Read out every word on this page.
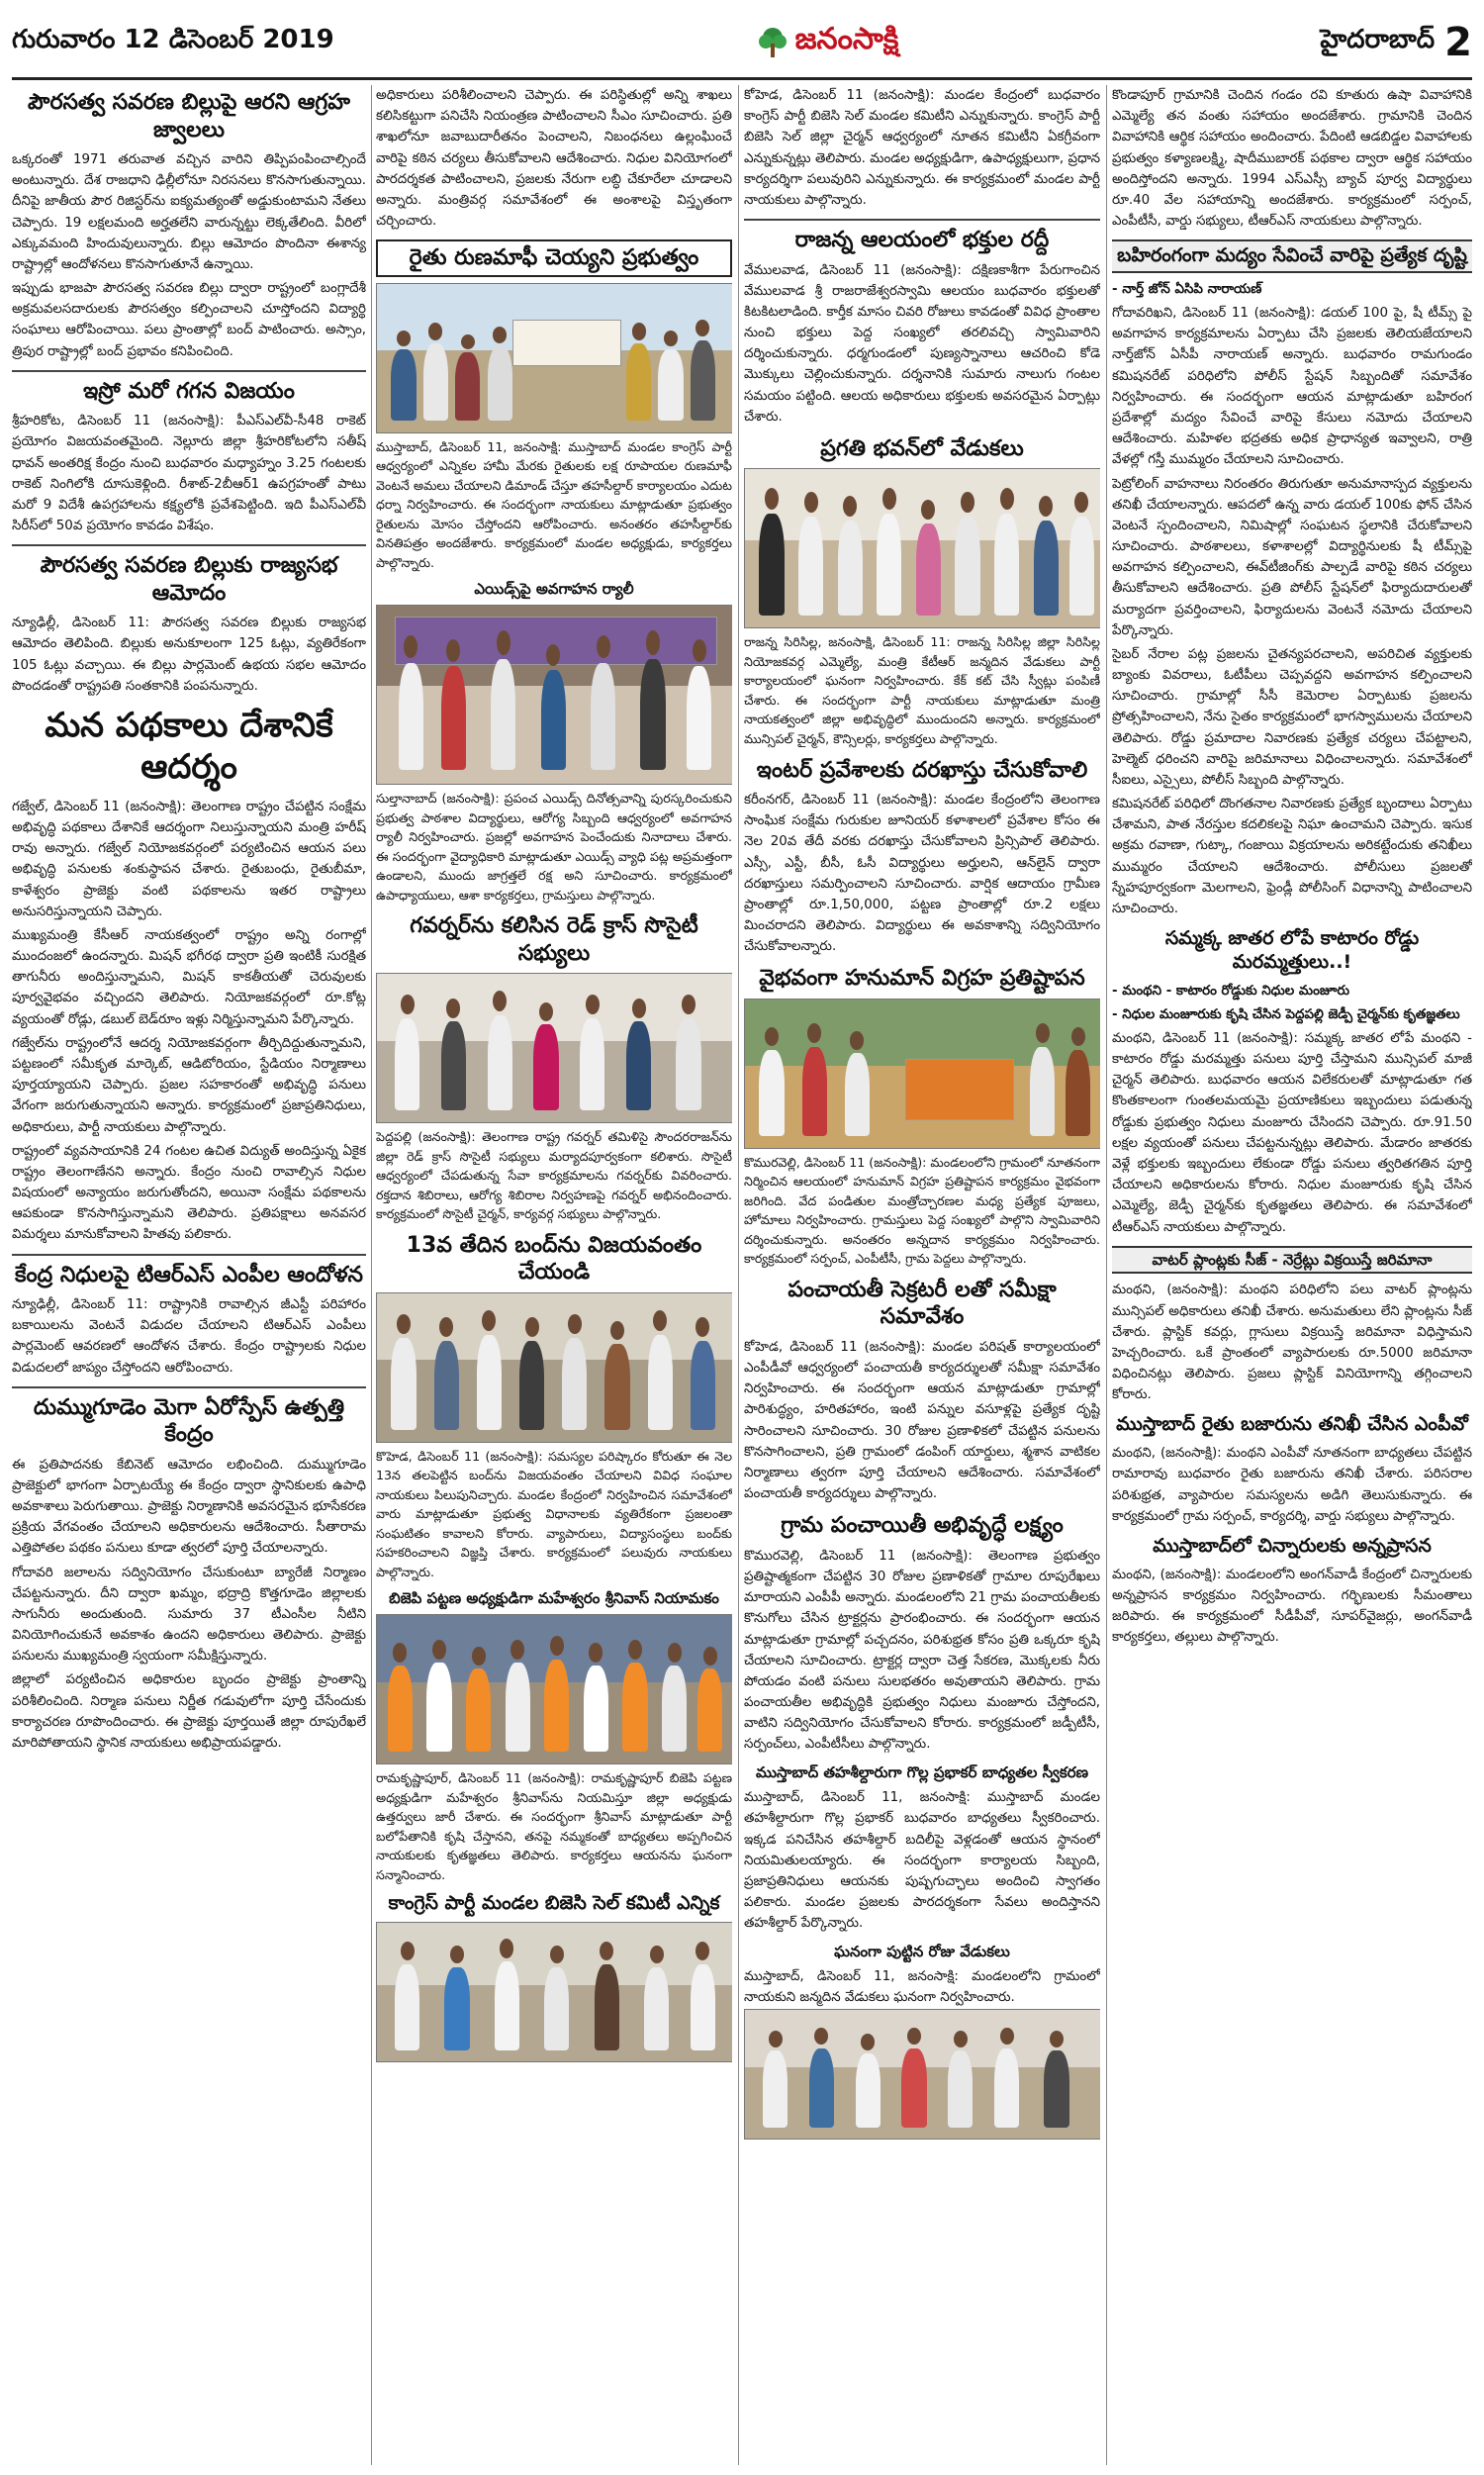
గురువారం 12 డిసెంబర్ 2019	జనంసాక్షి	హైదరాబాద్ 2
పౌరసత్వ సవరణ బిల్లుపై ఆరని ఆగ్రహ జ్వాలలు

ఒక్కరంతో 1971 తరువాత వచ్చిన వారిని తిప్పిపంపించాల్సిందే అంటున్నారు. దేశ రాజధాని ఢిల్లీలోనూ నిరసనలు కొనసాగుతున్నాయి. దీనిపై జాతీయ పౌర రిజిస్టర్‌ను ఐక్యమత్యంతో అడ్డుకుంటామని నేతలు చెప్పారు. 19 లక్షలమంది అర్హతలేని వారున్నట్టు లెక్కతేలింది. వీరిలో ఎక్కువమంది హిందువులున్నారు. బిల్లు ఆమోదం పొందినా ఈశాన్య రాష్ట్రాల్లో ఆందోళనలు కొనసాగుతూనే ఉన్నాయి.

ఇప్పుడు భాజపా పౌరసత్వ సవరణ బిల్లు ద్వారా రాష్ట్రంలో బంగ్లాదేశీ అక్రమవలసదారులకు పౌరసత్వం కల్పించాలని చూస్తోందని విద్యార్థి సంఘాలు ఆరోపించాయి. పలు ప్రాంతాల్లో బంద్ పాటించారు. అస్సాం, త్రిపుర రాష్ట్రాల్లో బంద్ ప్రభావం కనిపించింది.

ఇస్రో మరో గగన విజయం

శ్రీహరికోట, డిసెంబర్ 11 (జనంసాక్షి): పీఎస్‌ఎల్‌వీ-సీ48 రాకెట్ ప్రయోగం విజయవంతమైంది. నెల్లూరు జిల్లా శ్రీహరికోటలోని సతీష్ ధావన్ అంతరిక్ష కేంద్రం నుంచి బుధవారం మధ్యాహ్నం 3.25 గంటలకు రాకెట్ నింగిలోకి దూసుకెళ్లింది. రీశాట్-2బీఆర్1 ఉపగ్రహంతో పాటు మరో 9 విదేశీ ఉపగ్రహాలను కక్ష్యలోకి ప్రవేశపెట్టింది. ఇది పీఎస్‌ఎల్‌వీ సిరీస్‌లో 50వ ప్రయోగం కావడం విశేషం.

పౌరసత్వ సవరణ బిల్లుకు రాజ్యసభ ఆమోదం

న్యూఢిల్లీ, డిసెంబర్ 11: పౌరసత్వ సవరణ బిల్లుకు రాజ్యసభ ఆమోదం తెలిపింది. బిల్లుకు అనుకూలంగా 125 ఓట్లు, వ్యతిరేకంగా 105 ఓట్లు వచ్చాయి. ఈ బిల్లు పార్లమెంట్ ఉభయ సభల ఆమోదం పొందడంతో రాష్ట్రపతి సంతకానికి పంపనున్నారు.

మన పథకాలు దేశానికే ఆదర్శం

గజ్వేల్, డిసెంబర్ 11 (జనంసాక్షి): తెలంగాణ రాష్ట్రం చేపట్టిన సంక్షేమ అభివృద్ధి పథకాలు దేశానికే ఆదర్శంగా నిలుస్తున్నాయని మంత్రి హరీష్ రావు అన్నారు. గజ్వేల్ నియోజకవర్గంలో పర్యటించిన ఆయన పలు అభివృద్ధి పనులకు శంకుస్థాపన చేశారు. రైతుబంధు, రైతుబీమా, కాళేశ్వరం ప్రాజెక్టు వంటి పథకాలను ఇతర రాష్ట్రాలు అనుసరిస్తున్నాయని చెప్పారు.

ముఖ్యమంత్రి కేసీఆర్ నాయకత్వంలో రాష్ట్రం అన్ని రంగాల్లో ముందంజలో ఉందన్నారు. మిషన్ భగీరథ ద్వారా ప్రతి ఇంటికీ సురక్షిత తాగునీరు అందిస్తున్నామని, మిషన్ కాకతీయతో చెరువులకు పూర్వవైభవం వచ్చిందని తెలిపారు. నియోజకవర్గంలో రూ.కోట్ల వ్యయంతో రోడ్లు, డబుల్ బెడ్‌రూం ఇళ్లు నిర్మిస్తున్నామని పేర్కొన్నారు.

గజ్వేల్‌ను రాష్ట్రంలోనే ఆదర్శ నియోజకవర్గంగా తీర్చిదిద్దుతున్నామని, పట్టణంలో సమీకృత మార్కెట్, ఆడిటోరియం, స్టేడియం నిర్మాణాలు పూర్తయ్యాయని చెప్పారు. ప్రజల సహకారంతో అభివృద్ధి పనులు వేగంగా జరుగుతున్నాయని అన్నారు. కార్యక్రమంలో ప్రజాప్రతినిధులు, అధికారులు, పార్టీ నాయకులు పాల్గొన్నారు.

రాష్ట్రంలో వ్యవసాయానికి 24 గంటల ఉచిత విద్యుత్ అందిస్తున్న ఏకైక రాష్ట్రం తెలంగాణేనని అన్నారు. కేంద్రం నుంచి రావాల్సిన నిధుల విషయంలో అన్యాయం జరుగుతోందని, అయినా సంక్షేమ పథకాలను ఆపకుండా కొనసాగిస్తున్నామని తెలిపారు. ప్రతిపక్షాలు అనవసర విమర్శలు మానుకోవాలని హితవు పలికారు.

కేంద్ర నిధులపై టిఆర్ఎస్ ఎంపీల ఆందోళన

న్యూఢిల్లీ, డిసెంబర్ 11: రాష్ట్రానికి రావాల్సిన జీఎస్టీ పరిహారం బకాయిలను వెంటనే విడుదల చేయాలని టిఆర్ఎస్ ఎంపీలు పార్లమెంట్ ఆవరణలో ఆందోళన చేశారు. కేంద్రం రాష్ట్రాలకు నిధుల విడుదలలో జాప్యం చేస్తోందని ఆరోపించారు.

దుమ్ముగూడెం మెగా ఏరోస్పేస్ ఉత్పత్తి కేంద్రం

ఈ ప్రతిపాదనకు కేబినెట్ ఆమోదం లభించింది. దుమ్ముగూడెం ప్రాజెక్టులో భాగంగా ఏర్పాటయ్యే ఈ కేంద్రం ద్వారా స్థానికులకు ఉపాధి అవకాశాలు పెరుగుతాయి. ప్రాజెక్టు నిర్మాణానికి అవసరమైన భూసేకరణ ప్రక్రియ వేగవంతం చేయాలని అధికారులను ఆదేశించారు. సీతారామ ఎత్తిపోతల పథకం పనులు కూడా త్వరలో పూర్తి చేయాలన్నారు.

గోదావరి జలాలను సద్వినియోగం చేసుకుంటూ బ్యారేజీ నిర్మాణం చేపట్టనున్నారు. దీని ద్వారా ఖమ్మం, భద్రాద్రి కొత్తగూడెం జిల్లాలకు సాగునీరు అందుతుంది. సుమారు 37 టీఎంసీల నీటిని వినియోగించుకునే అవకాశం ఉందని అధికారులు తెలిపారు. ప్రాజెక్టు పనులను ముఖ్యమంత్రి స్వయంగా సమీక్షిస్తున్నారు.

జిల్లాలో పర్యటించిన అధికారుల బృందం ప్రాజెక్టు ప్రాంతాన్ని పరిశీలించింది. నిర్మాణ పనులు నిర్ణీత గడువులోగా పూర్తి చేసేందుకు కార్యాచరణ రూపొందించారు. ఈ ప్రాజెక్టు పూర్తయితే జిల్లా రూపురేఖలే మారిపోతాయని స్థానిక నాయకులు అభిప్రాయపడ్డారు.

అధికారులు పరిశీలించాలని చెప్పారు. ఈ పరిస్థితుల్లో అన్ని శాఖలు కలిసికట్టుగా పనిచేసి నియంత్రణ పాటించాలని సీఎం సూచించారు. ప్రతి శాఖలోనూ జవాబుదారీతనం పెంచాలని, నిబంధనలు ఉల్లంఘించే వారిపై కఠిన చర్యలు తీసుకోవాలని ఆదేశించారు. నిధుల వినియోగంలో పారదర్శకత పాటించాలని, ప్రజలకు నేరుగా లబ్ధి చేకూరేలా చూడాలని అన్నారు. మంత్రివర్గ సమావేశంలో ఈ అంశాలపై విస్తృతంగా చర్చించారు.

రైతు రుణమాఫీ చెయ్యని ప్రభుత్వం

ముస్తాబాద్, డిసెంబర్ 11, జనంసాక్షి: ముస్తాబాద్ మండల కాంగ్రెస్ పార్టీ ఆధ్వర్యంలో ఎన్నికల హామీ మేరకు రైతులకు లక్ష రూపాయల రుణమాఫీ వెంటనే అమలు చేయాలని డిమాండ్ చేస్తూ తహసీల్దార్ కార్యాలయం ఎదుట ధర్నా నిర్వహించారు. ఈ సందర్భంగా నాయకులు మాట్లాడుతూ ప్రభుత్వం రైతులను మోసం చేస్తోందని ఆరోపించారు. అనంతరం తహసీల్దార్‌కు వినతిపత్రం అందజేశారు. కార్యక్రమంలో మండల అధ్యక్షుడు, కార్యకర్తలు పాల్గొన్నారు.

ఎయిడ్స్‌పై అవగాహన ర్యాలీ

సుల్తానాబాద్ (జనంసాక్షి): ప్రపంచ ఎయిడ్స్ దినోత్సవాన్ని పురస్కరించుకుని ప్రభుత్వ పాఠశాల విద్యార్థులు, ఆరోగ్య సిబ్బంది ఆధ్వర్యంలో అవగాహన ర్యాలీ నిర్వహించారు. ప్రజల్లో అవగాహన పెంచేందుకు నినాదాలు చేశారు. ఈ సందర్భంగా వైద్యాధికారి మాట్లాడుతూ ఎయిడ్స్ వ్యాధి పట్ల అప్రమత్తంగా ఉండాలని, ముందు జాగ్రత్తలే రక్ష అని సూచించారు. కార్యక్రమంలో ఉపాధ్యాయులు, ఆశా కార్యకర్తలు, గ్రామస్తులు పాల్గొన్నారు.

గవర్నర్‌ను కలిసిన రెడ్ క్రాస్ సొసైటీ సభ్యులు

పెద్దపల్లి (జనంసాక్షి): తెలంగాణ రాష్ట్ర గవర్నర్ తమిళిసై సౌందరరాజన్‌ను జిల్లా రెడ్ క్రాస్ సొసైటీ సభ్యులు మర్యాదపూర్వకంగా కలిశారు. సొసైటీ ఆధ్వర్యంలో చేపడుతున్న సేవా కార్యక్రమాలను గవర్నర్‌కు వివరించారు. రక్తదాన శిబిరాలు, ఆరోగ్య శిబిరాల నిర్వహణపై గవర్నర్ అభినందించారు. కార్యక్రమంలో సొసైటీ చైర్మన్, కార్యవర్గ సభ్యులు పాల్గొన్నారు.

13వ తేదిన బంద్‌ను విజయవంతం చేయండి

కొహెడ, డిసెంబర్ 11 (జనంసాక్షి): సమస్యల పరిష్కారం కోరుతూ ఈ నెల 13న తలపెట్టిన బంద్‌ను విజయవంతం చేయాలని వివిధ సంఘాల నాయకులు పిలుపునిచ్చారు. మండల కేంద్రంలో నిర్వహించిన సమావేశంలో వారు మాట్లాడుతూ ప్రభుత్వ విధానాలకు వ్యతిరేకంగా ప్రజలంతా సంఘటితం కావాలని కోరారు. వ్యాపారులు, విద్యాసంస్థలు బంద్‌కు సహకరించాలని విజ్ఞప్తి చేశారు. కార్యక్రమంలో పలువురు నాయకులు పాల్గొన్నారు.

బిజెపి పట్టణ అధ్యక్షుడిగా మహేశ్వరం శ్రీనివాస్ నియామకం

రామకృష్ణాపూర్, డిసెంబర్ 11 (జనంసాక్షి): రామకృష్ణాపూర్ బిజెపి పట్టణ అధ్యక్షుడిగా మహేశ్వరం శ్రీనివాస్‌ను నియమిస్తూ జిల్లా అధ్యక్షుడు ఉత్తర్వులు జారీ చేశారు. ఈ సందర్భంగా శ్రీనివాస్ మాట్లాడుతూ పార్టీ బలోపేతానికి కృషి చేస్తానని, తనపై నమ్మకంతో బాధ్యతలు అప్పగించిన నాయకులకు కృతజ్ఞతలు తెలిపారు. కార్యకర్తలు ఆయనను ఘనంగా సన్మానించారు.

కాంగ్రెస్ పార్టీ మండల బిజెసి సెల్ కమిటీ ఎన్నిక

కోహెడ, డిసెంబర్ 11 (జనంసాక్షి): మండల కేంద్రంలో బుధవారం కాంగ్రెస్ పార్టీ బిజెసి సెల్ మండల కమిటీని ఎన్నుకున్నారు. కాంగ్రెస్ పార్టీ బిజెసి సెల్ జిల్లా చైర్మన్ ఆధ్వర్యంలో నూతన కమిటీని ఏకగ్రీవంగా ఎన్నుకున్నట్లు తెలిపారు. మండల అధ్యక్షుడిగా, ఉపాధ్యక్షులుగా, ప్రధాన కార్యదర్శిగా పలువురిని ఎన్నుకున్నారు. ఈ కార్యక్రమంలో మండల పార్టీ నాయకులు పాల్గొన్నారు.

రాజన్న ఆలయంలో భక్తుల రద్దీ

వేములవాడ, డిసెంబర్ 11 (జనంసాక్షి): దక్షిణకాశీగా పేరుగాంచిన వేములవాడ శ్రీ రాజరాజేశ్వరస్వామి ఆలయం బుధవారం భక్తులతో కిటకిటలాడింది. కార్తీక మాసం చివరి రోజులు కావడంతో వివిధ ప్రాంతాల నుంచి భక్తులు పెద్ద సంఖ్యలో తరలివచ్చి స్వామివారిని దర్శించుకున్నారు. ధర్మగుండంలో పుణ్యస్నానాలు ఆచరించి కోడె మొక్కులు చెల్లించుకున్నారు. దర్శనానికి సుమారు నాలుగు గంటల సమయం పట్టింది. ఆలయ అధికారులు భక్తులకు అవసరమైన ఏర్పాట్లు చేశారు.

ప్రగతి భవన్‌లో వేడుకలు

రాజన్న సిరిసిల్ల, జనంసాక్షి, డిసెంబర్ 11: రాజన్న సిరిసిల్ల జిల్లా సిరిసిల్ల నియోజకవర్గ ఎమ్మెల్యే, మంత్రి కేటీఆర్ జన్మదిన వేడుకలు పార్టీ కార్యాలయంలో ఘనంగా నిర్వహించారు. కేక్ కట్ చేసి స్వీట్లు పంపిణీ చేశారు. ఈ సందర్భంగా పార్టీ నాయకులు మాట్లాడుతూ మంత్రి నాయకత్వంలో జిల్లా అభివృద్ధిలో ముందుందని అన్నారు. కార్యక్రమంలో మున్సిపల్ చైర్మన్, కౌన్సిలర్లు, కార్యకర్తలు పాల్గొన్నారు.

ఇంటర్ ప్రవేశాలకు దరఖాస్తు చేసుకోవాలి

కరీంనగర్, డిసెంబర్ 11 (జనంసాక్షి): మండల కేంద్రంలోని తెలంగాణ సాంఘిక సంక్షేమ గురుకుల జూనియర్ కళాశాలలో ప్రవేశాల కోసం ఈ నెల 20వ తేదీ వరకు దరఖాస్తు చేసుకోవాలని ప్రిన్సిపాల్ తెలిపారు. ఎస్సీ, ఎస్టీ, బీసీ, ఓసీ విద్యార్థులు అర్హులని, ఆన్‌లైన్ ద్వారా దరఖాస్తులు సమర్పించాలని సూచించారు. వార్షిక ఆదాయం గ్రామీణ ప్రాంతాల్లో రూ.1,50,000, పట్టణ ప్రాంతాల్లో రూ.2 లక్షలు మించరాదని తెలిపారు. విద్యార్థులు ఈ అవకాశాన్ని సద్వినియోగం చేసుకోవాలన్నారు.

వైభవంగా హనుమాన్ విగ్రహ ప్రతిష్టాపన

కొమురవెల్లి, డిసెంబర్ 11 (జనంసాక్షి): మండలంలోని గ్రామంలో నూతనంగా నిర్మించిన ఆలయంలో హనుమాన్ విగ్రహ ప్రతిష్టాపన కార్యక్రమం వైభవంగా జరిగింది. వేద పండితుల మంత్రోచ్చారణల మధ్య ప్రత్యేక పూజలు, హోమాలు నిర్వహించారు. గ్రామస్తులు పెద్ద సంఖ్యలో పాల్గొని స్వామివారిని దర్శించుకున్నారు. అనంతరం అన్నదాన కార్యక్రమం నిర్వహించారు. కార్యక్రమంలో సర్పంచ్, ఎంపీటీసీ, గ్రామ పెద్దలు పాల్గొన్నారు.

పంచాయతీ సెక్రటరీ లతో సమీక్షా సమావేశం

కోహెడ, డిసెంబర్ 11 (జనంసాక్షి): మండల పరిషత్ కార్యాలయంలో ఎంపీడీవో ఆధ్వర్యంలో పంచాయతీ కార్యదర్శులతో సమీక్షా సమావేశం నిర్వహించారు. ఈ సందర్భంగా ఆయన మాట్లాడుతూ గ్రామాల్లో పారిశుద్ధ్యం, హరితహారం, ఇంటి పన్నుల వసూళ్లపై ప్రత్యేక దృష్టి సారించాలని సూచించారు. 30 రోజుల ప్రణాళికలో చేపట్టిన పనులను కొనసాగించాలని, ప్రతి గ్రామంలో డంపింగ్ యార్డులు, శ్మశాన వాటికల నిర్మాణాలు త్వరగా పూర్తి చేయాలని ఆదేశించారు. సమావేశంలో పంచాయతీ కార్యదర్శులు పాల్గొన్నారు.

గ్రామ పంచాయితీ అభివృద్ధే లక్ష్యం

కొమురవెల్లి, డిసెంబర్ 11 (జనంసాక్షి): తెలంగాణ ప్రభుత్వం ప్రతిష్టాత్మకంగా చేపట్టిన 30 రోజుల ప్రణాళికతో గ్రామాల రూపురేఖలు మారాయని ఎంపీపీ అన్నారు. మండలంలోని 21 గ్రామ పంచాయతీలకు కొనుగోలు చేసిన ట్రాక్టర్లను ప్రారంభించారు. ఈ సందర్భంగా ఆయన మాట్లాడుతూ గ్రామాల్లో పచ్చదనం, పరిశుభ్రత కోసం ప్రతి ఒక్కరూ కృషి చేయాలని సూచించారు. ట్రాక్టర్ల ద్వారా చెత్త సేకరణ, మొక్కలకు నీరు పోయడం వంటి పనులు సులభతరం అవుతాయని తెలిపారు. గ్రామ పంచాయతీల అభివృద్ధికి ప్రభుత్వం నిధులు మంజూరు చేస్తోందని, వాటిని సద్వినియోగం చేసుకోవాలని కోరారు. కార్యక్రమంలో జడ్పీటీసీ, సర్పంచ్‌లు, ఎంపీటీసీలు పాల్గొన్నారు.

ముస్తాబాద్ తహశీల్దారుగా గొల్ల ప్రభాకర్ బాధ్యతల స్వీకరణ

ముస్తాబాద్, డిసెంబర్ 11, జనంసాక్షి: ముస్తాబాద్ మండల తహశీల్దారుగా గొల్ల ప్రభాకర్ బుధవారం బాధ్యతలు స్వీకరించారు. ఇక్కడ పనిచేసిన తహశీల్దార్ బదిలీపై వెళ్లడంతో ఆయన స్థానంలో నియమితులయ్యారు. ఈ సందర్భంగా కార్యాలయ సిబ్బంది, ప్రజాప్రతినిధులు ఆయనకు పుష్పగుచ్ఛాలు అందించి స్వాగతం పలికారు. మండల ప్రజలకు పారదర్శకంగా సేవలు అందిస్తానని తహశీల్దార్ పేర్కొన్నారు.

ఘనంగా పుట్టిన రోజు వేడుకలు

ముస్తాబాద్, డిసెంబర్ 11, జనంసాక్షి: మండలంలోని గ్రామంలో నాయకుని జన్మదిన వేడుకలు ఘనంగా నిర్వహించారు.

కొండాపూర్ గ్రామానికి చెందిన గండం రవి కూతురు ఉషా వివాహానికి ఎమ్మెల్యే తన వంతు సహాయం అందజేశారు. గ్రామానికి చెందిన వివాహానికి ఆర్థిక సహాయం అందించారు. పేదింటి ఆడబిడ్డల వివాహాలకు ప్రభుత్వం కళ్యాణలక్ష్మి, షాదీముబారక్ పథకాల ద్వారా ఆర్థిక సహాయం అందిస్తోందని అన్నారు. 1994 ఎస్ఎస్సీ బ్యాచ్ పూర్వ విద్యార్థులు రూ.40 వేల సహాయాన్ని అందజేశారు. కార్యక్రమంలో సర్పంచ్, ఎంపీటీసీ, వార్డు సభ్యులు, టీఆర్ఎస్ నాయకులు పాల్గొన్నారు.

బహిరంగంగా మద్యం సేవించే వారిపై ప్రత్యేక దృష్టి

- నార్త్ జోన్ ఏసిపి నారాయణ్

గోదావరిఖని, డిసెంబర్ 11 (జనంసాక్షి): డయల్ 100 పై, షీ టీమ్స్ పై అవగాహన కార్యక్రమాలను ఏర్పాటు చేసి ప్రజలకు తెలియజేయాలని నార్త్‌జోన్ ఏసీపీ నారాయణ్ అన్నారు. బుధవారం రామగుండం కమిషనరేట్ పరిధిలోని పోలీస్ స్టేషన్ సిబ్బందితో సమావేశం నిర్వహించారు. ఈ సందర్భంగా ఆయన మాట్లాడుతూ బహిరంగ ప్రదేశాల్లో మద్యం సేవించే వారిపై కేసులు నమోదు చేయాలని ఆదేశించారు. మహిళల భద్రతకు అధిక ప్రాధాన్యత ఇవ్వాలని, రాత్రి వేళల్లో గస్తీ ముమ్మరం చేయాలని సూచించారు.

పెట్రోలింగ్ వాహనాలు నిరంతరం తిరుగుతూ అనుమానాస్పద వ్యక్తులను తనిఖీ చేయాలన్నారు. ఆపదలో ఉన్న వారు డయల్ 100కు ఫోన్ చేసిన వెంటనే స్పందించాలని, నిమిషాల్లో సంఘటన స్థలానికి చేరుకోవాలని సూచించారు. పాఠశాలలు, కళాశాలల్లో విద్యార్థినులకు షీ టీమ్స్‌పై అవగాహన కల్పించాలని, ఈవ్‌టీజింగ్‌కు పాల్పడే వారిపై కఠిన చర్యలు తీసుకోవాలని ఆదేశించారు. ప్రతి పోలీస్ స్టేషన్‌లో ఫిర్యాదుదారులతో మర్యాదగా ప్రవర్తించాలని, ఫిర్యాదులను వెంటనే నమోదు చేయాలని పేర్కొన్నారు.

సైబర్ నేరాల పట్ల ప్రజలను చైతన్యపరచాలని, అపరిచిత వ్యక్తులకు బ్యాంకు వివరాలు, ఓటీపీలు చెప్పవద్దని అవగాహన కల్పించాలని సూచించారు. గ్రామాల్లో సీసీ కెమెరాల ఏర్పాటుకు ప్రజలను ప్రోత్సహించాలని, నేను సైతం కార్యక్రమంలో భాగస్వాములను చేయాలని తెలిపారు. రోడ్డు ప్రమాదాల నివారణకు ప్రత్యేక చర్యలు చేపట్టాలని, హెల్మెట్ ధరించని వారిపై జరిమానాలు విధించాలన్నారు. సమావేశంలో సీఐలు, ఎస్సైలు, పోలీస్ సిబ్బంది పాల్గొన్నారు.

కమిషనరేట్ పరిధిలో దొంగతనాల నివారణకు ప్రత్యేక బృందాలు ఏర్పాటు చేశామని, పాత నేరస్తుల కదలికలపై నిఘా ఉంచామని చెప్పారు. ఇసుక అక్రమ రవాణా, గుట్కా, గంజాయి విక్రయాలను అరికట్టేందుకు తనిఖీలు ముమ్మరం చేయాలని ఆదేశించారు. పోలీసులు ప్రజలతో స్నేహపూర్వకంగా మెలగాలని, ఫ్రెండ్లీ పోలీసింగ్ విధానాన్ని పాటించాలని సూచించారు.

సమ్మక్క జాతర లోపే కాటారం రోడ్డు మరమ్మత్తులు..!

- మంథని - కాటారం రోడ్డుకు నిధుల మంజూరు

- నిధుల మంజూరుకు కృషి చేసిన పెద్దపల్లి జెడ్పీ చైర్మన్‌కు కృతజ్ఞతలు

మంథని, డిసెంబర్ 11 (జనంసాక్షి): సమ్మక్క జాతర లోపే మంథని - కాటారం రోడ్డు మరమ్మత్తు పనులు పూర్తి చేస్తామని మున్సిపల్ మాజీ చైర్మన్ తెలిపారు. బుధవారం ఆయన విలేకరులతో మాట్లాడుతూ గత కొంతకాలంగా గుంతలమయమై ప్రయాణికులు ఇబ్బందులు పడుతున్న రోడ్డుకు ప్రభుత్వం నిధులు మంజూరు చేసిందని చెప్పారు. రూ.91.50 లక్షల వ్యయంతో పనులు చేపట్టనున్నట్లు తెలిపారు. మేడారం జాతరకు వెళ్లే భక్తులకు ఇబ్బందులు లేకుండా రోడ్డు పనులు త్వరితగతిన పూర్తి చేయాలని అధికారులను కోరారు. నిధుల మంజూరుకు కృషి చేసిన ఎమ్మెల్యే, జెడ్పీ చైర్మన్‌కు కృతజ్ఞతలు తెలిపారు. ఈ సమావేశంలో టీఆర్ఎస్ నాయకులు పాల్గొన్నారు.

వాటర్ ప్లాంట్లకు సీజ్ - నెర్రేట్లు విక్రయిస్తే జరిమానా

మంథని, (జనంసాక్షి): మంథని పరిధిలోని పలు వాటర్ ప్లాంట్లను మున్సిపల్ అధికారులు తనిఖీ చేశారు. అనుమతులు లేని ప్లాంట్లను సీజ్ చేశారు. ప్లాస్టిక్ కవర్లు, గ్లాసులు విక్రయిస్తే జరిమానా విధిస్తామని హెచ్చరించారు. ఒకే ప్రాంతంలో వ్యాపారులకు రూ.5000 జరిమానా విధించినట్లు తెలిపారు. ప్రజలు ప్లాస్టిక్ వినియోగాన్ని తగ్గించాలని కోరారు.

ముస్తాబాద్ రైతు బజారును తనిఖీ చేసిన ఎంపీవో

మంథని, (జనంసాక్షి): మంథని ఎంపీవో నూతనంగా బాధ్యతలు చేపట్టిన రామారావు బుధవారం రైతు బజారును తనిఖీ చేశారు. పరిసరాల పరిశుభ్రత, వ్యాపారుల సమస్యలను అడిగి తెలుసుకున్నారు. ఈ కార్యక్రమంలో గ్రామ సర్పంచ్, కార్యదర్శి, వార్డు సభ్యులు పాల్గొన్నారు.

ముస్తాబాద్‌లో చిన్నారులకు అన్నప్రాసన

మంథని, (జనంసాక్షి): మండలంలోని అంగన్‌వాడీ కేంద్రంలో చిన్నారులకు అన్నప్రాసన కార్యక్రమం నిర్వహించారు. గర్భిణులకు సీమంతాలు జరిపారు. ఈ కార్యక్రమంలో సీడీపీవో, సూపర్‌వైజర్లు, అంగన్‌వాడీ కార్యకర్తలు, తల్లులు పాల్గొన్నారు.
